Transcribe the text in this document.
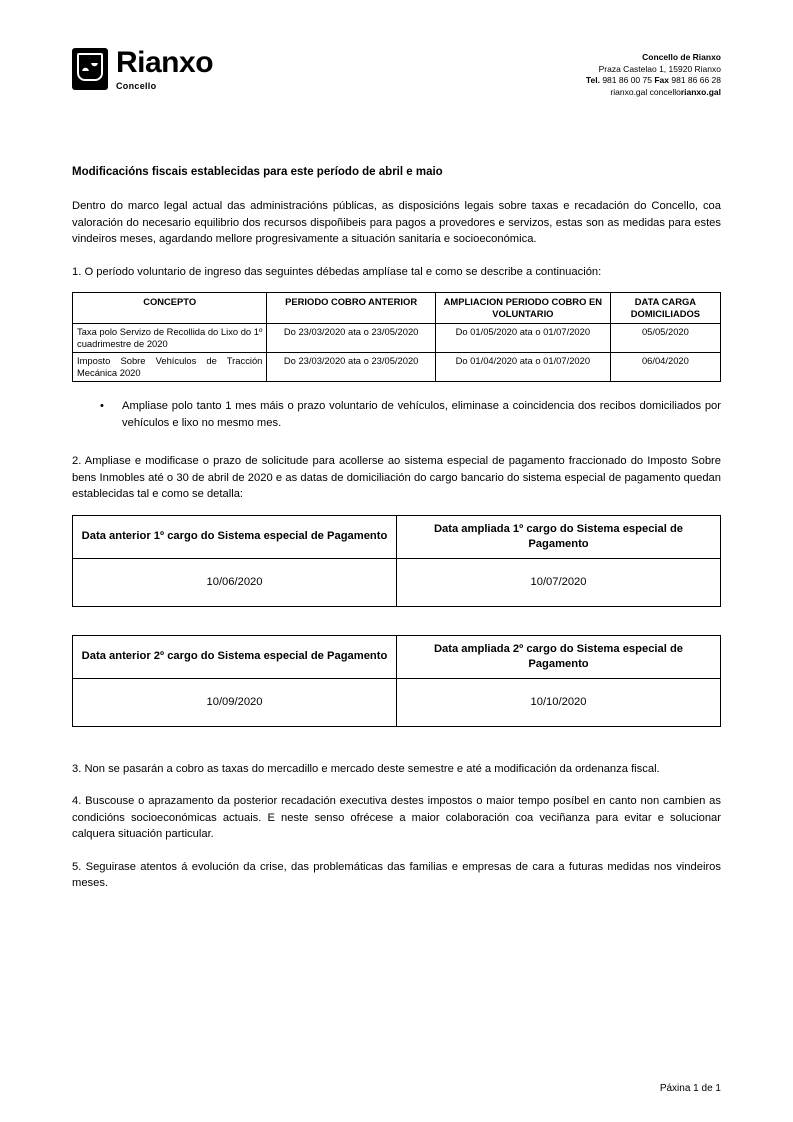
Rianxo
Concello
Concello de Rianxo
Praza Castelao 1, 15920 Rianxo
Tel. 981 86 00 75 Fax 981 86 66 28
rianxo.gal concellorianxo.gal
Modificacións fiscais establecidas para este período de abril e maio

Dentro do marco legal actual das administracións públicas, as disposicións legais sobre taxas e recadación do Concello, coa valoración do necesario equilibrio dos recursos dispoñibeis para pagos a provedores e servizos, estas son as medidas para estes vindeiros meses, agardando mellore progresivamente a situación sanitaria e socioeconómica.

1. O período voluntario de ingreso das seguintes débedas amplíase tal e como se describe a continuación:

CONCEPTO	PERIODO COBRO ANTERIOR	AMPLIACION PERIODO COBRO EN VOLUNTARIO	DATA CARGA DOMICILIADOS
Taxa polo Servizo de Recollida do Lixo do 1º cuadrimestre de 2020	Do 23/03/2020 ata o 23/05/2020	Do 01/05/2020 ata o 01/07/2020	05/05/2020
Imposto Sobre Vehículos de Tracción Mecánica 2020	Do 23/03/2020 ata o 23/05/2020	Do 01/04/2020 ata o 01/07/2020	06/04/2020
•	Ampliase polo tanto 1 mes máis o prazo voluntario de vehículos, eliminase a coincidencia dos recibos domiciliados por vehículos e lixo no mesmo mes.

2. Ampliase e modificase o prazo de solicitude para acollerse ao sistema especial de pagamento fraccionado do Imposto Sobre bens Inmobles até o 30 de abril de 2020 e as datas de domiciliación do cargo bancario do sistema especial de pagamento quedan establecidas tal e como se detalla:

Data anterior 1º cargo do Sistema especial de Pagamento	Data ampliada 1º cargo do Sistema especial de Pagamento
10/06/2020	10/07/2020
Data anterior 2º cargo do Sistema especial de Pagamento	Data ampliada 2º cargo do Sistema especial de Pagamento
10/09/2020	10/10/2020

3. Non se pasarán a cobro as taxas do mercadillo e mercado deste semestre e até a modificación da ordenanza fiscal.

4. Buscouse o aprazamento da posterior recadación executiva destes impostos o maior tempo posíbel en canto non cambien as condicións socioeconómicas actuais. E neste senso ofrécese a maior colaboración coa veciñanza para evitar e solucionar calquera situación particular.

5. Seguirase atentos á evolución da crise, das problemáticas das familias e empresas de cara a futuras medidas nos vindeiros meses.

Páxina 1 de 1
